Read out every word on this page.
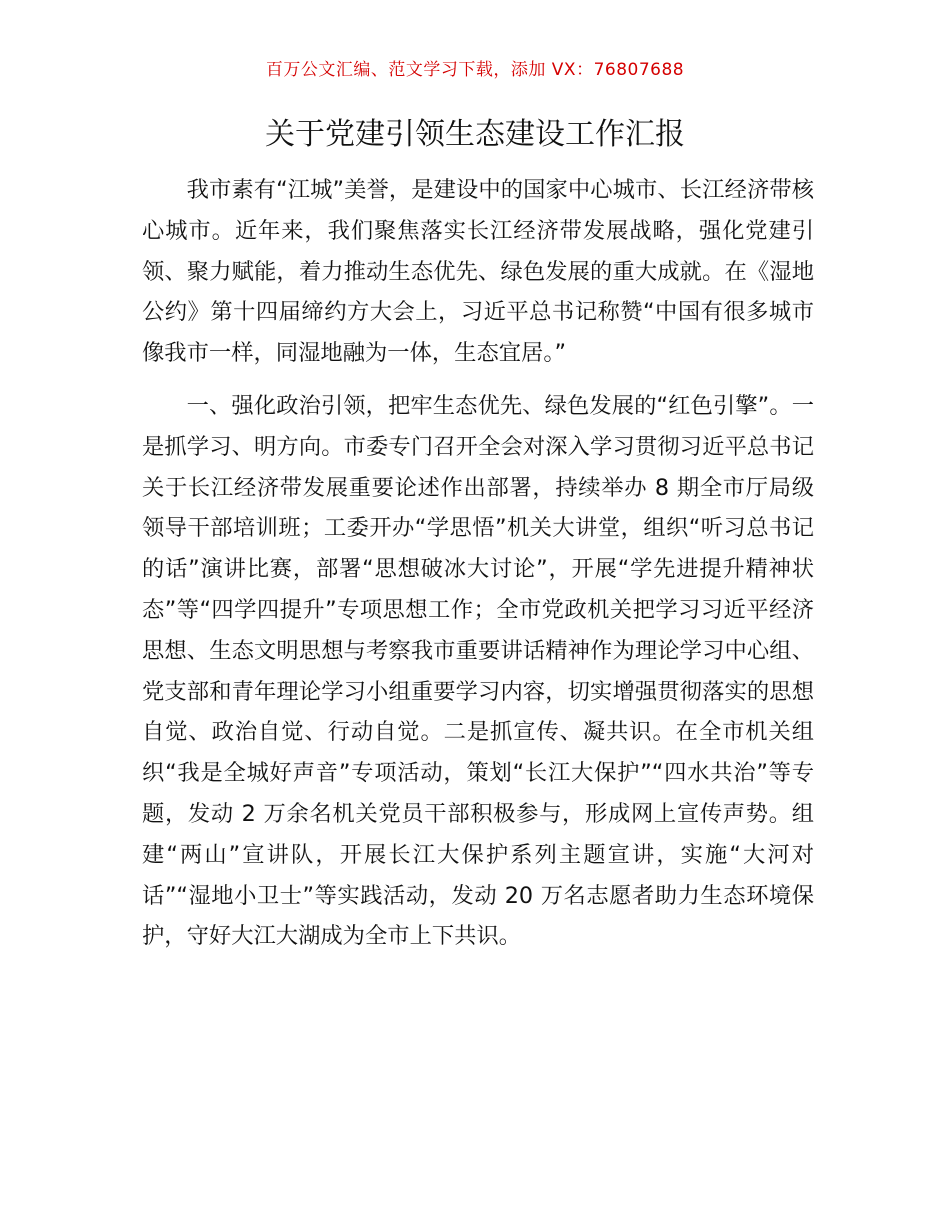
百万公文汇编、范文学习下载，添加 VX：76807688
关于党建引领生态建设工作汇报

我市素有“江城”美誉，是建设中的国家中心城市、长江经济带核心城市。近年来，我们聚焦落实长江经济带发展战略，强化党建引领、聚力赋能，着力推动生态优先、绿色发展的重大成就。在《湿地公约》第十四届缔约方大会上，习近平总书记称赞“中国有很多城市像我市一样，同湿地融为一体，生态宜居。”

一、强化政治引领，把牢生态优先、绿色发展的“红色引擎”。一是抓学习、明方向。市委专门召开全会对深入学习贯彻习近平总书记关于长江经济带发展重要论述作出部署，持续举办 8 期全市厅局级领导干部培训班；工委开办“学思悟”机关大讲堂，组织“听习总书记的话”演讲比赛，部署“思想破冰大讨论”，开展“学先进提升精神状态”等“四学四提升”专项思想工作；全市党政机关把学习习近平经济思想、生态文明思想与考察我市重要讲话精神作为理论学习中心组、党支部和青年理论学习小组重要学习内容，切实增强贯彻落实的思想自觉、政治自觉、行动自觉。二是抓宣传、凝共识。在全市机关组织“我是全城好声音”专项活动，策划“长江大保护”“四水共治”等专题，发动 2 万余名机关党员干部积极参与，形成网上宣传声势。组建“两山”宣讲队，开展长江大保护系列主题宣讲，实施“大河对话”“湿地小卫士”等实践活动，发动 20 万名志愿者助力生态环境保护，守好大江大湖成为全市上下共识。
